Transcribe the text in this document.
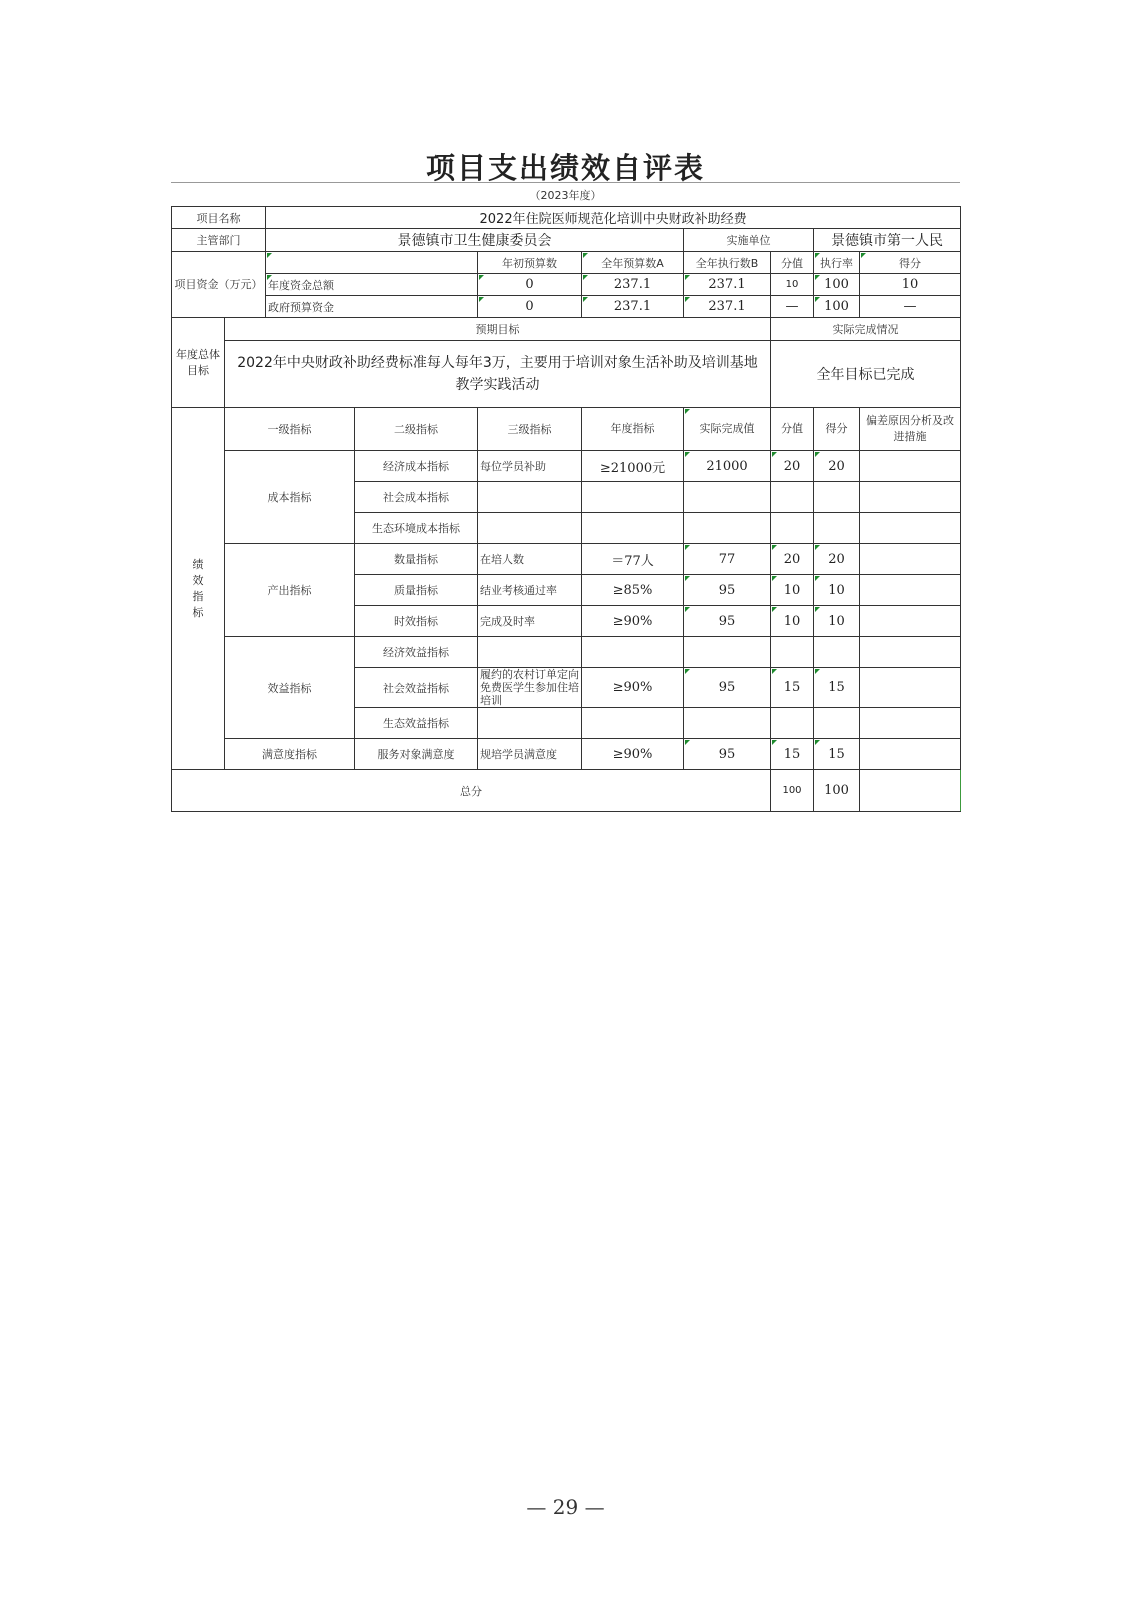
项目支出绩效自评表
（2023年度）
项目名称		2022年住院医师规范化培训中央财政补助经费							
主管部门		景德镇市卫生健康委员会				实施单位		景德镇市第一人民	
项目资金（万元）				年初预算数	全年预算数A	全年执行数B	分值	执行率	得分
		年度资金总额		0	237.1	237.1	10	100	10
		政府预算资金		0	237.1	237.1	—	100	—
年度总体目标	预期目标						实际完成情况		
	2022年中央财政补助经费标准每人每年3万，主要用于培训对象生活补助及培训基地教学实践活动						全年目标已完成		
绩效指标	一级指标		二级指标	三级指标	年度指标	实际完成值	分值	得分	偏差原因分析及改进措施
	成本指标		经济成本指标	每位学员补助	≥21000元	21000	20	20	
			社会成本指标						
			生态环境成本指标						
	产出指标		数量指标	在培人数	＝77人	77	20	20	
			质量指标	结业考核通过率	≥85%	95	10	10	
			时效指标	完成及时率	≥90%	95	10	10	
	效益指标		经济效益指标						
			社会效益指标	履约的农村订单定向免费医学生参加住培培训	≥90%	95	15	15	
			生态效益指标						
	满意度指标		服务对象满意度	规培学员满意度	≥90%	95	15	15	
总分							100	100	
— 29 —
